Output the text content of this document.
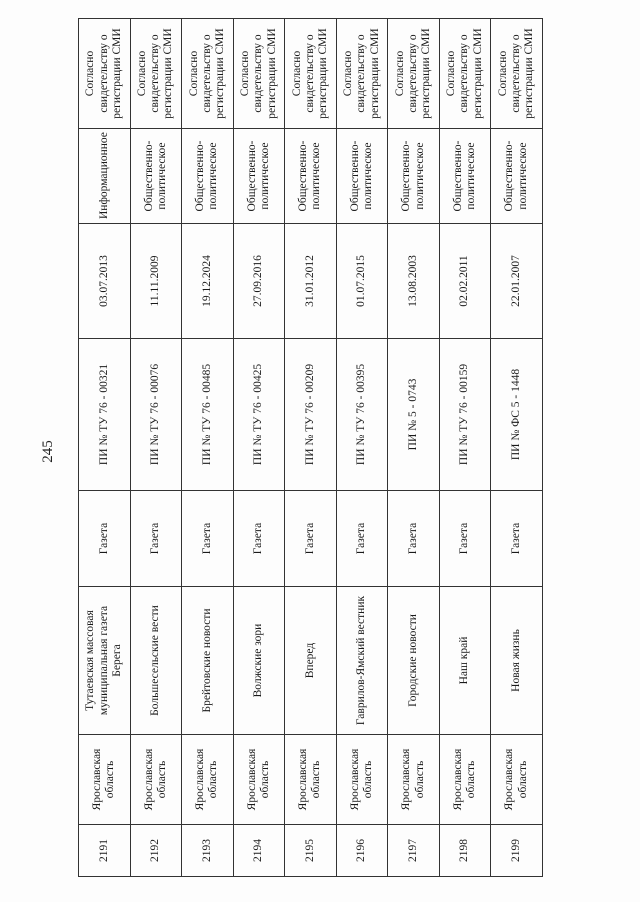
245
2191	Ярославская область	Тутаевская массовая муниципальная газета Берега	Газета	ПИ № ТУ 76 - 00321	03.07.2013	Информационное	Согласно свидетельству о регистрации СМИ
2192	Ярославская область	Большесельские вести	Газета	ПИ № ТУ 76 - 00076	11.11.2009	Общественно-политическое	Согласно свидетельству о регистрации СМИ
2193	Ярославская область	Брейтовские новости	Газета	ПИ № ТУ 76 - 00485	19.12.2024	Общественно-политическое	Согласно свидетельству о регистрации СМИ
2194	Ярославская область	Волжские зори	Газета	ПИ № ТУ 76 - 00425	27.09.2016	Общественно-политическое	Согласно свидетельству о регистрации СМИ
2195	Ярославская область	Вперед	Газета	ПИ № ТУ 76 - 00209	31.01.2012	Общественно-политическое	Согласно свидетельству о регистрации СМИ
2196	Ярославская область	Гаврилов-Ямский вестник	Газета	ПИ № ТУ 76 - 00395	01.07.2015	Общественно-политическое	Согласно свидетельству о регистрации СМИ
2197	Ярославская область	Городские новости	Газета	ПИ № 5 - 0743	13.08.2003	Общественно-политическое	Согласно свидетельству о регистрации СМИ
2198	Ярославская область	Наш край	Газета	ПИ № ТУ 76 - 00159	02.02.2011	Общественно-политическое	Согласно свидетельству о регистрации СМИ
2199	Ярославская область	Новая жизнь	Газета	ПИ № ФС 5 - 1448	22.01.2007	Общественно-политическое	Согласно свидетельству о регистрации СМИ
